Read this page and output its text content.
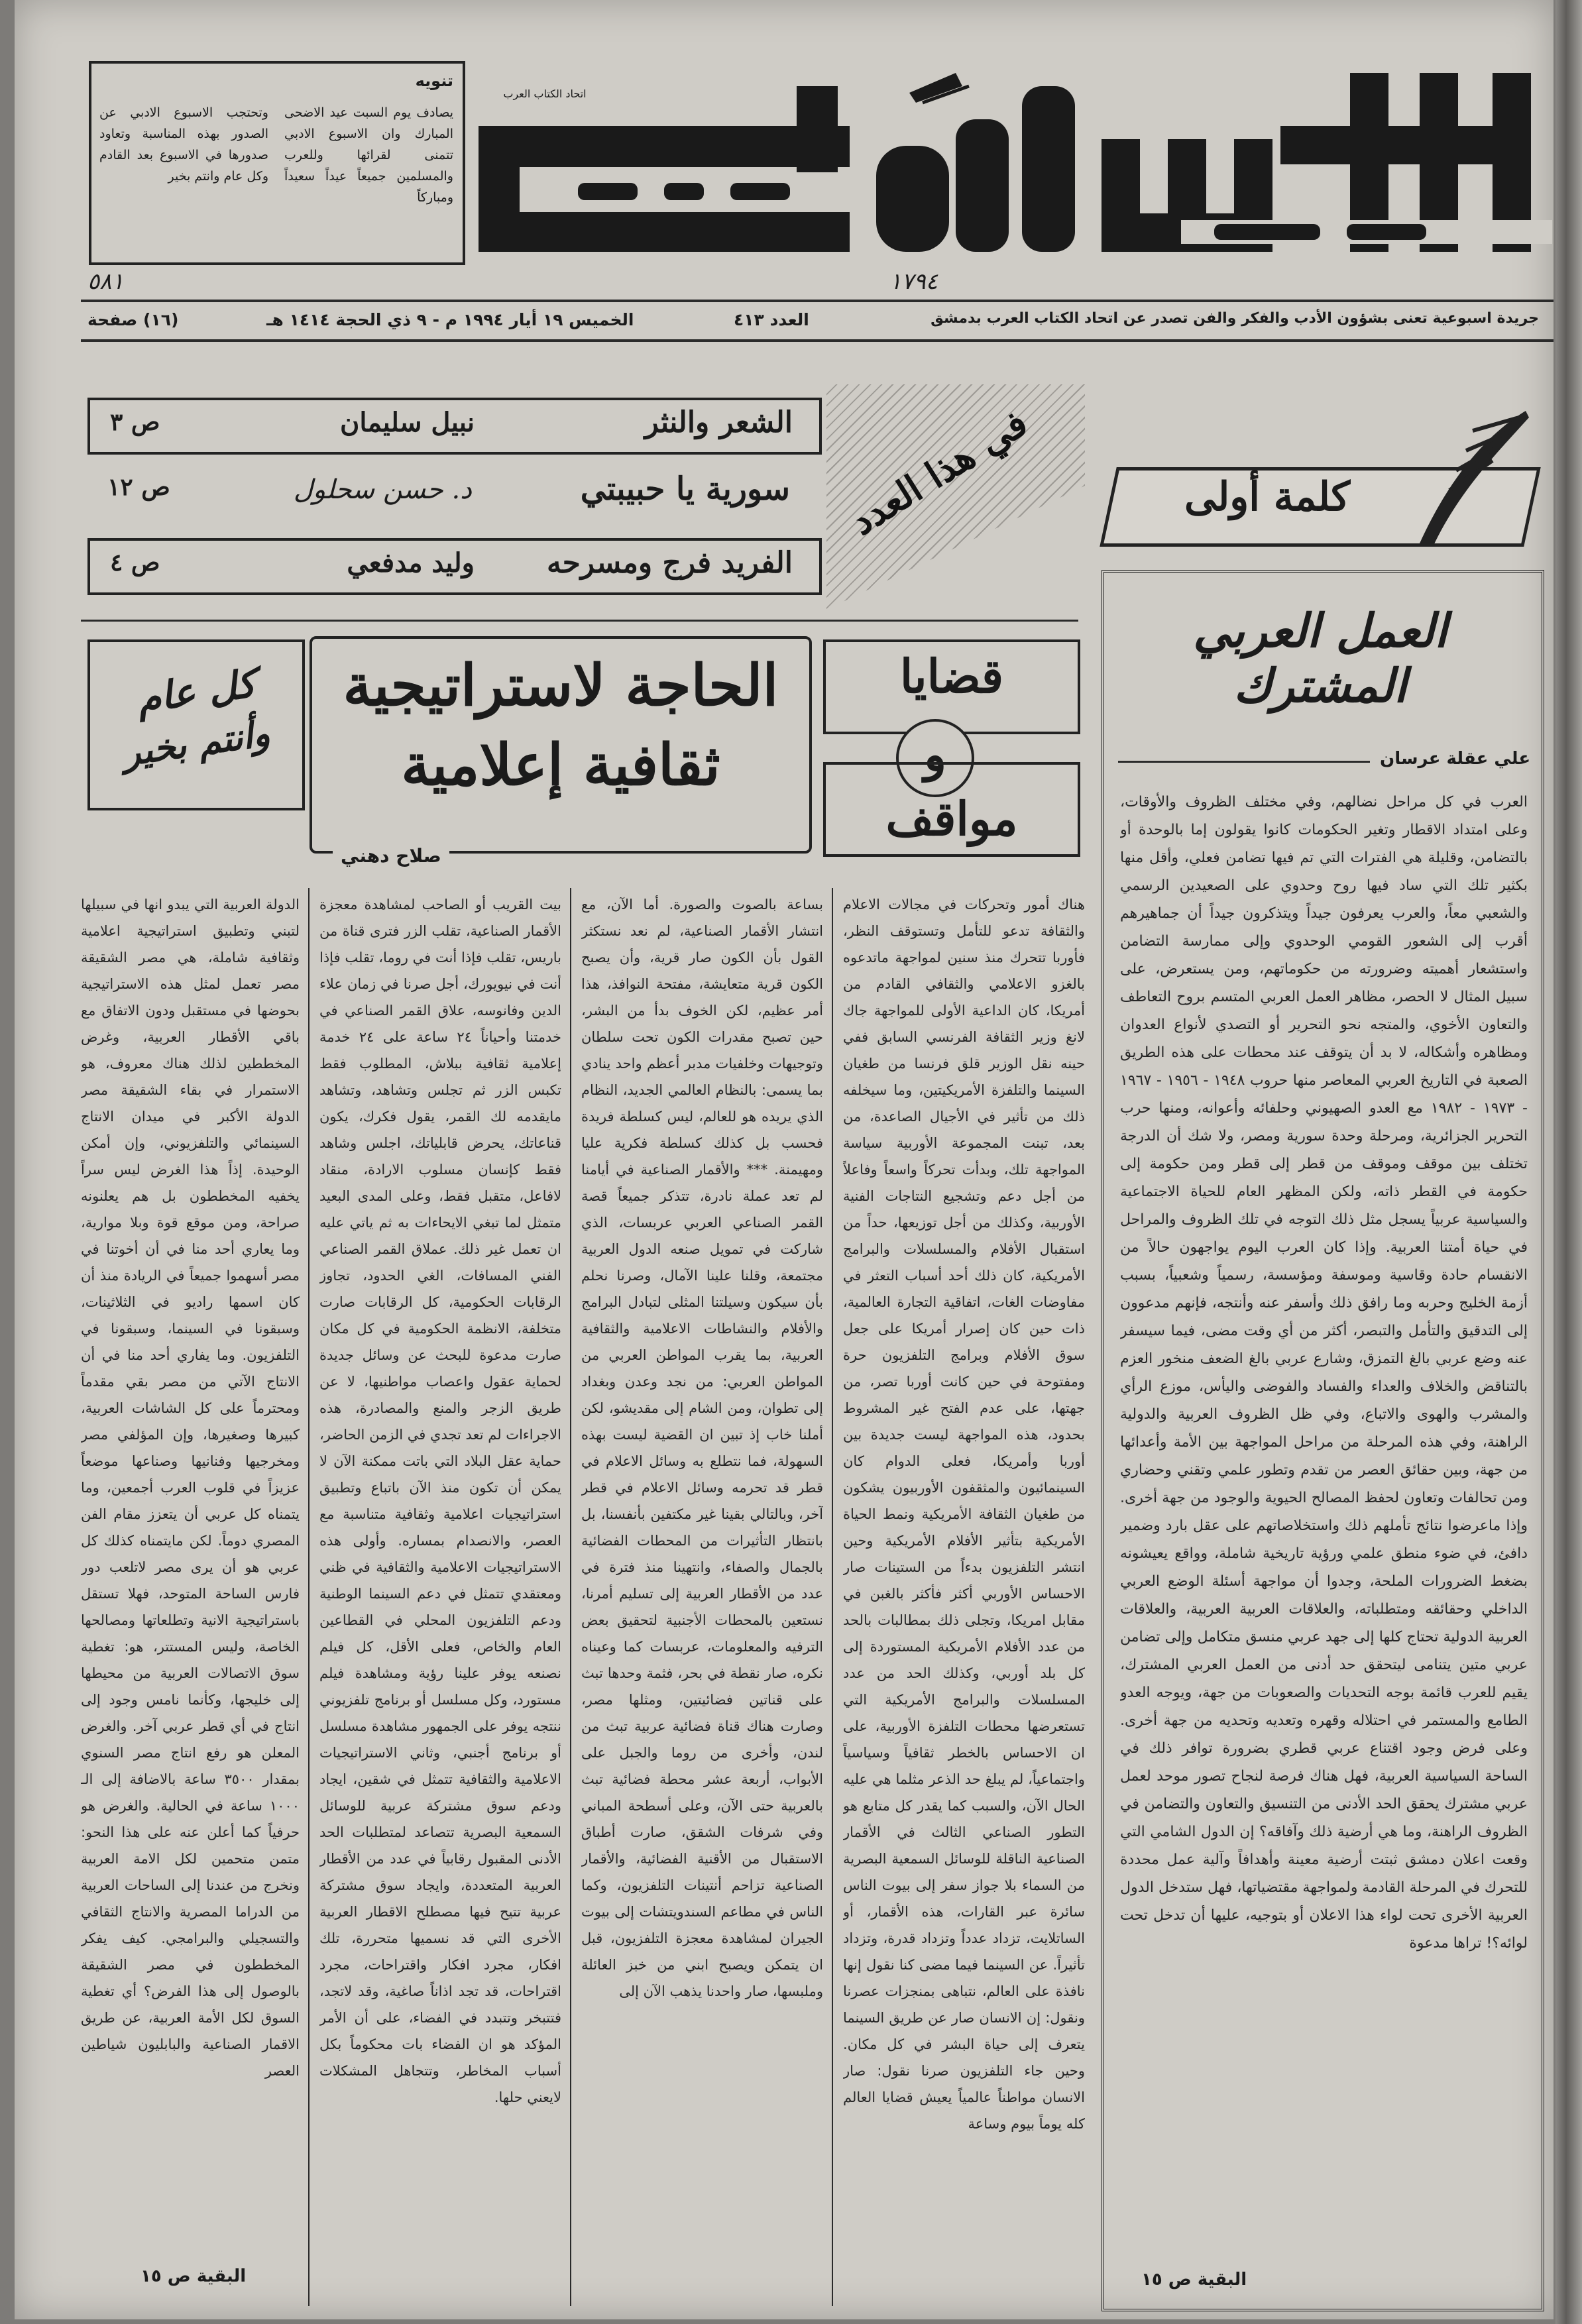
اتحاد الكتاب العرب
١٧٩٤
٥٨١
تنويه
يصادف يوم السبت عيد الاضحى المبارك وان الاسبوع الادبي تتمنى لقرائها وللعرب والمسلمين جميعاً عيداً سعيداً ومباركاً
وتحتجب الاسبوع الادبي عن الصدور بهذه المناسبة وتعاود صدورها في الاسبوع بعد القادم وكل عام وانتم بخير
جريدة اسبوعية تعنى بشؤون الأدب والفكر والفن تصدر عن اتحاد الكتاب العرب بدمشق
العدد ٤١٣
الخميس ١٩ أيار ١٩٩٤ م - ٩ ذي الحجة ١٤١٤ هـ
(١٦) صفحة
الشعر والنثر
نبيل سليمان
ص ٣
سورية يا حبيبتي
د. حسن سحلول
ص ١٢
الفريد فرج ومسرحه
وليد مدفعي
ص ٤
في هذا العدد	كلمة أولى
العمل العربي المشترك
علي عقلة عرسان

العرب في كل مراحل نضالهم، وفي مختلف الظروف والأوقات، وعلى امتداد الاقطار وتغير الحكومات كانوا يقولون إما بالوحدة أو بالتضامن، وقليلة هي الفترات التي تم فيها تضامن فعلي، وأقل منها بكثير تلك التي ساد فيها روح وحدوي على الصعيدين الرسمي والشعبي معاً، والعرب يعرفون جيداً ويتذكرون جيداً أن جماهيرهم أقرب إلى الشعور القومي الوحدوي وإلى ممارسة التضامن واستشعار أهميته وضرورته من حكوماتهم، ومن يستعرض، على سبيل المثال لا الحصر، مظاهر العمل العربي المتسم بروح التعاطف والتعاون الأخوي، والمتجه نحو التحرير أو التصدي لأنواع العدوان ومظاهره وأشكاله، لا بد أن يتوقف عند محطات على هذه الطريق الصعبة في التاريخ العربي المعاصر منها حروب ١٩٤٨ - ١٩٥٦ - ١٩٦٧ - ١٩٧٣ - ١٩٨٢ مع العدو الصهيوني وحلفائه وأعوانه، ومنها حرب التحرير الجزائرية، ومرحلة وحدة سورية ومصر، ولا شك أن الدرجة تختلف بين موقف وموقف من قطر إلى قطر ومن حكومة إلى حكومة في القطر ذاته، ولكن المظهر العام للحياة الاجتماعية والسياسية عربياً يسجل مثل ذلك التوجه في تلك الظروف والمراحل في حياة أمتنا العربية. وإذا كان العرب اليوم يواجهون حالاً من الانقسام حادة وقاسية وموسفة ومؤسسة، رسمياً وشعبياً، بسبب أزمة الخليج وحربه وما رافق ذلك وأسفر عنه وأنتجه، فإنهم مدعوون إلى التدقيق والتأمل والتبصر، أكثر من أي وقت مضى، فيما سيسفر عنه وضع عربي بالغ التمزق، وشارع عربي بالغ الضعف منخور العزم بالتناقض والخلاف والعداء والفساد والفوضى واليأس، موزع الرأي والمشرب والهوى والاتباع، وفي ظل الظروف العربية والدولية الراهنة، وفي هذه المرحلة من مراحل المواجهة بين الأمة وأعدائها من جهة، وبين حقائق العصر من تقدم وتطور علمي وتقني وحضاري ومن تحالفات وتعاون لحفظ المصالح الحيوية والوجود من جهة أخرى. وإذا ماعرضوا نتائج تأملهم ذلك واستخلاصاتهم على عقل بارد وضمير دافئ، في ضوء منطق علمي ورؤية تاريخية شاملة، وواقع يعيشونه بضغط الضرورات الملحة، وجدوا أن مواجهة أسئلة الوضع العربي الداخلي وحقائقه ومتطلباته، والعلاقات العربية العربية، والعلاقات العربية الدولية تحتاج كلها إلى جهد عربي منسق متكامل وإلى تضامن عربي متين يتنامى ليتحقق حد أدنى من العمل العربي المشترك، يقيم للعرب قائمة بوجه التحديات والصعوبات من جهة، ويوجه العدو الطامع والمستمر في احتلاله وقهره وتعديه وتحديه من جهة أخرى. وعلى فرض وجود اقتناع عربي قطري بضرورة توافر ذلك في الساحة السياسية العربية، فهل هناك فرصة لنجاح تصور موحد لعمل عربي مشترك يحقق الحد الأدنى من التنسيق والتعاون والتضامن في الظروف الراهنة، وما هي أرضية ذلك وآفاقه؟ إن الدول الشامي التي وقعت اعلان دمشق ثبتت أرضية معينة وأهدافاً وآلية عمل محددة للتحرك في المرحلة القادمة ولمواجهة مقتضياتها، فهل ستدخل الدول العربية الأخرى تحت لواء هذا الاعلان أو بتوجيه، عليها أن تدخل تحت لوائه؟! تراها مدعوة

البقية ص ١٥
قضايا
و
مواقف
الحاجة لاستراتيجية
ثقافية إعلامية
صلاح دهني
كل عام
وأنتم بخير

هناك أمور وتحركات في مجالات الاعلام والثقافة تدعو للتأمل وتستوقف النظر، فأوربا تتحرك منذ سنين لمواجهة ماتدعوه بالغزو الاعلامي والثقافي القادم من أمريكا، كان الداعية الأولى للمواجهة جاك لانغ وزير الثقافة الفرنسي السابق ففي حينه نقل الوزير قلق فرنسا من طغيان السينما والتلفزة الأمريكيتين، وما سيخلفه ذلك من تأثير في الأجيال الصاعدة، من بعد، تبنت المجموعة الأوربية سياسة المواجهة تلك، وبدأت تحركاً واسعاً وفاعلاً من أجل دعم وتشجيع النتاجات الفنية الأوربية، وكذلك من أجل توزيعها، حداً من استقبال الأفلام والمسلسلات والبرامج الأمريكية، كان ذلك أحد أسباب التعثر في مفاوضات الغات، اتفاقية التجارة العالمية، ذات حين كان إصرار أمريكا على جعل سوق الأفلام وبرامج التلفزيون حرة ومفتوحة في حين كانت أوربا تصر، من جهتها، على عدم الفتح غير المشروط بحدود، هذه المواجهة ليست جديدة بين أوربا وأمريكا، فعلى الدوام كان السينمائيون والمثقفون الأوربيون يشكون من طغيان الثقافة الأمريكية ونمط الحياة الأمريكية بتأثير الأفلام الأمريكية وحين انتشر التلفزيون بدءاً من الستينات صار الاحساس الأوربي أكثر فأكثر بالغبن في مقابل امريكا، وتجلى ذلك بمطالبات بالحد من عدد الأفلام الأمريكية المستوردة إلى كل بلد أوربي، وكذلك الحد من عدد المسلسلات والبرامج الأمريكية التي تستعرضها محطات التلفزة الأوربية، على ان الاحساس بالخطر ثقافياً وسياسياً واجتماعياً، لم يبلغ حد الذعر مثلما هي عليه الحال الآن، والسبب كما يقدر كل متابع هو التطور الصناعي الثالث في الأقمار الصناعية الناقلة للوسائل السمعية البصرية من السماء بلا جواز سفر إلى بيوت الناس سائرة عبر القارات، هذه الأقمار، أو الساتلايت، تزداد عدداً وتزداد قدرة، وتزداد تأثيراً. عن السينما فيما مضى كنا نقول إنها نافذة على العالم، نتباهى بمنجزات عصرنا ونقول: إن الانسان صار عن طريق السينما يتعرف إلى حياة البشر في كل مكان. وحين جاء التلفزيون صرنا نقول: صار الانسان مواطناً عالمياً يعيش قضايا العالم كله يوماً بيوم وساعة

بساعة بالصوت والصورة. أما الآن، مع انتشار الأقمار الصناعية، لم نعد نستكثر القول بأن الكون صار قرية، وأن يصبح الكون قرية متعايشة، مفتحة النوافذ، هذا أمر عظيم، لكن الخوف بدأ من البشر، حين تصبح مقدرات الكون تحت سلطان وتوجيهات وخلفيات مدبر أعظم واحد ينادي بما يسمى: بالنظام العالمي الجديد، النظام الذي يريده هو للعالم، ليس كسلطة فريدة فحسب بل كذلك كسلطة فكرية عليا ومهيمنة. *** والأقمار الصناعية في أيامنا لم تعد عملة نادرة، تتذكر جميعاً قصة القمر الصناعي العربي عربسات، الذي شاركت في تمويل صنعه الدول العربية مجتمعة، وقلنا علينا الآمال، وصرنا نحلم بأن سيكون وسيلتنا المثلى لتبادل البرامج والأفلام والنشاطات الاعلامية والثقافية العربية، بما يقرب المواطن العربي من المواطن العربي: من نجد وعدن وبغداد إلى تطوان، ومن الشام إلى مقديشو، لكن أملنا خاب إذ تبين ان القضية ليست بهذه السهولة، فما نتطلع به وسائل الاعلام في قطر قد تحرمه وسائل الاعلام في قطر آخر، وبالتالي بقينا غير مكتفين بأنفسنا، بل بانتظار التأثيرات من المحطات الفضائية بالجمال والصفاء، وانتهينا منذ فترة في عدد من الأقطار العربية إلى تسليم أمرنا، نستعين بالمحطات الأجنبية لتحقيق بعض الترفيه والمعلومات، عربسات كما وعيناه نكره، صار نقطة في بحر، فثمة وحدها تبث على قناتين فضائيتين، ومثلها مصر، وصارت هناك قناة فضائية عربية تبث من لندن، وأخرى من روما والجبل على الأبواب، أربعة عشر محطة فضائية تبث بالعربية حتى الآن، وعلى أسطحة المباني وفي شرفات الشقق، صارت أطباق الاستقبال من الأقنية الفضائية، والأقمار الصناعية تزاحم أنتينات التلفزيون، وكما الناس في مطاعم السندويتشات إلى بيوت الجيران لمشاهدة معجزة التلفزيون، قبل ان يتمكن ويصبح ابني من خبز العائلة وملبسها، صار واحدنا يذهب الآن إلى

بيت القريب أو الصاحب لمشاهدة معجزة الأقمار الصناعية، تقلب الزر فترى قناة من باريس، تقلب فإذا أنت في روما، تقلب فإذا أنت في نيويورك، أجل صرنا في زمان علاء الدين وفانوسه، علاق القمر الصناعي في خدمتنا وأحياناً ٢٤ ساعة على ٢٤ خدمة إعلامية ثقافية ببلاش، المطلوب فقط تكبس الزر ثم تجلس وتشاهد، وتشاهد مايقدمه لك القمر، يقول فكرك، يكون قناعاتك، يحرض قابلياتك، اجلس وشاهد فقط كإنسان مسلوب الارادة، منقاد لافاعل، متقبل فقط، وعلى المدى البعيد متمثل لما تبغي الايحاءات به ثم ياتي عليه ان تعمل غير ذلك. عملاق القمر الصناعي الفني المسافات، الغي الحدود، تجاوز الرقابات الحكومية، كل الرقابات صارت متخلفة، الانظمة الحكومية في كل مكان صارت مدعوة للبحث عن وسائل جديدة لحماية عقول واعصاب مواطنيها، لا عن طريق الزجر والمنع والمصادرة، هذه الاجراءات لم تعد تجدي في الزمن الحاضر، حماية عقل البلاد التي باتت ممكنة الآن لا يمكن أن تكون منذ الآن باتباع وتطبيق استراتيجيات اعلامية وثقافية متناسبة مع العصر، والانصدام بمساره. وأولى هذه الاستراتيجيات الاعلامية والثقافية في ظني ومعتقدي تتمثل في دعم السينما الوطنية ودعم التلفزيون المحلي في القطاعين العام والخاص، فعلى الأقل، كل فيلم نصنعه يوفر علينا رؤية ومشاهدة فيلم مستورد، وكل مسلسل أو برنامج تلفزيوني ننتجه يوفر على الجمهور مشاهدة مسلسل أو برنامج أجنبي، وثاني الاستراتيجيات الاعلامية والثقافية تتمثل في شقين، ايجاد ودعم سوق مشتركة عربية للوسائل السمعية البصرية تتصاعد لمتطلبات الحد الأدنى المقبول رقابياً في عدد من الأقطار العربية المتعددة، وايجاد سوق مشتركة عربية تتيح فيها مصطلح الاقطار العربية الأخرى التي قد نسميها متحررة، تلك افكار، مجرد افكار واقتراحات، مجرد اقتراحات، قد تجد اذاناً صاغية، وقد لاتجد، فتتبخر وتتبدد في الفضاء، على أن الأمر المؤكد هو ان الفضاء بات محكوماً بكل أسباب المخاطر، وتتجاهل المشكلات لايعني حلها.

الدولة العربية التي يبدو انها في سبيلها لتبني وتطبيق استراتيجية اعلامية وثقافية شاملة، هي مصر الشقيقة مصر تعمل لمثل هذه الاستراتيجية بحوضها في مستقبل ودون الاتفاق مع باقي الأقطار العربية، وغرض المخططين لذلك هناك معروف، هو الاستمرار في بقاء الشقيقة مصر الدولة الأكبر في ميدان الانتاج السينمائي والتلفزيوني، وإن أمكن الوحيدة. إذاً هذا الغرض ليس سراً يخفيه المخططون بل هم يعلنونه صراحة، ومن موقع قوة وبلا موارية، وما يعاري أحد منا في أن أخوتنا في مصر أسهموا جميعاً في الريادة منذ أن كان اسمها راديو في الثلاثينات، وسبقونا في السينما، وسبقونا في التلفزيون. وما يفاري أحد منا في أن الانتاج الآتي من مصر بقي مقدماً ومحترماً على كل الشاشات العربية، كبيرها وصغيرها، وإن المؤلفي مصر ومخرجيها وفنانيها وصناعها موضعاً عزيزاً في قلوب العرب أجمعين، وما يتمناه كل عربي أن يتعزز مقام الفن المصري دوماً. لكن مايتمناه كذلك كل عربي هو أن يرى مصر لاتلعب دور فارس الساحة المتوحد، فهلا تستقل باستراتيجية الانية وتطلعاتها ومصالحها الخاصة، وليس المستتر، هو: تغطية سوق الاتصالات العربية من محيطها إلى خليجها، وكأنما نامس وجود إلى انتاج في أي قطر عربي آخر. والغرض المعلن هو رفع انتاج مصر السنوي بمقدار ٣٥٠٠ ساعة بالاضافة إلى الـ ١٠٠٠ ساعة في الحالية. والغرض هو حرفياً كما أعلن عنه على هذا النحو: متمن متحمين لكل الامة العربية ونخرج من عندنا إلى الساحات العربية من الدراما المصرية والانتاج الثقافي والتسجيلي والبرامجي. كيف يفكر المخططون في مصر الشقيقة بالوصول إلى هذا الفرض؟ أي تغطية السوق لكل الأمة العربية، عن طريق الاقمار الصناعية والبابليون شياطين العصر

البقية ص ١٥
